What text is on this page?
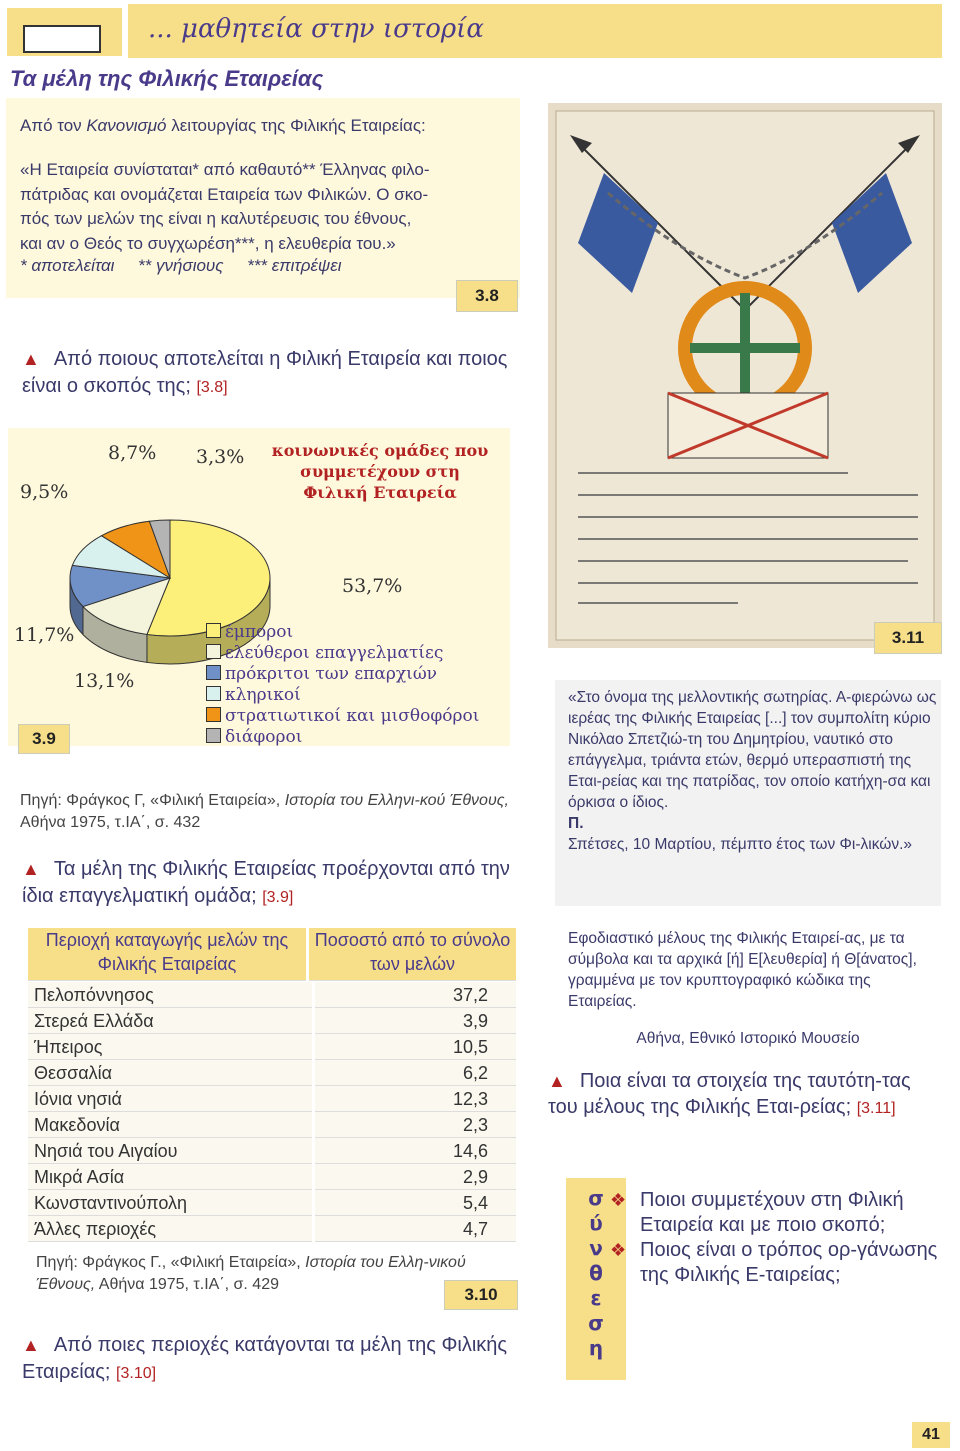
... μαθητεία στην ιστορία
Τα μέλη της Φιλικής Εταιρείας
Από τον Κανονισμό λειτουργίας της Φιλικής Εταιρείας:
«Η Εταιρεία συνίσταται* από καθαυτό** Έλληνας φιλο-
πάτριδας και ονομάζεται Εταιρεία των Φιλικών. Ο σκο-
πός των μελών της είναι η καλυτέρευσις του έθνους,
και αν ο Θεός το συγχωρέση***, η ελευθερία του.»
* αποτελείται     ** γνήσιους     *** επιτρέψει
3.8
▲ Από ποιους αποτελείται η Φιλική Εταιρεία και ποιος είναι ο σκοπός της; [3.8]
κοινωνικές ομάδες που συμμετέχουν στη Φιλική Εταιρεία
9,5%
8,7% 3,3%
53,7%
11,7%
13,1%
3.9
έμποροι
ελεύθεροι επαγγελματίες
πρόκριτοι των επαρχιών
κληρικοί
στρατιωτικοί και μισθοφόροι
διάφοροι
Πηγή: Φράγκος Γ, «Φιλική Εταιρεία», Ιστορία του Ελληνι-κού Έθνους, Αθήνα 1975, τ.ΙΑ΄, σ. 432
▲ Τα μέλη της Φιλικής Εταιρείας προέρχονται από την ίδια επαγγελματική ομάδα; [3.9]
Περιοχή καταγωγής μελών της Φιλικής Εταιρείας
Ποσοστό από το σύνολο των μελών
Πελοπόννησος	37,2
Στερεά Ελλάδα	3,9
Ήπειρος	10,5
Θεσσαλία	6,2
Ιόνια νησιά	12,3
Μακεδονία	2,3
Νησιά του Αιγαίου	14,6
Μικρά Ασία	2,9
Κωνσταντινούπολη	5,4
Άλλες περιοχές	4,7
Πηγή: Φράγκος Γ., «Φιλική Εταιρεία», Ιστορία του Ελλη-νικού Έθνους, Αθήνα 1975, τ.ΙΑ΄, σ. 429
3.10
▲ Από ποιες περιοχές κατάγονται τα μέλη της Φιλικής Εταιρείας; [3.10]
3.11
«Στο όνομα της μελλοντικής σωτηρίας. Α-φιερώνω ως ιερέας της Φιλικής Εταιρείας [...] τον συμπολίτη κύριο Νικόλαο Σπετζιώ-τη του Δημητρίου, ναυτικό στο επάγγελμα, τριάντα ετών, θερμό υπερασπιστή της Εται-ρείας και της πατρίδας, τον οποίο κατήχη-σα και όρκισα ο ίδιος.
Π.
Σπέτσες, 10 Μαρτίου, πέμπτο έτος των Φι-λικών.»
Εφοδιαστικό μέλους της Φιλικής Εταιρεί-ας, με τα σύμβολα και τα αρχικά [ή] Ε[λευθερία] ή Θ[άνατος], γραμμένα με τον κρυπτογραφικό κώδικα της Εταιρείας.
Αθήνα, Εθνικό Ιστορικό Μουσείο
▲ Ποια είναι τα στοιχεία της ταυτότη-τας του μέλους της Φιλικής Εται-ρείας; [3.11]
σ
ύ
ν
θ
ε
σ
η
❖ Ποιοι συμμετέχουν στη Φιλική Εταιρεία και με ποιο σκοπό;
❖ Ποιος είναι ο τρόπος ορ-γάνωσης της Φιλικής Ε-ταιρείας;
41
